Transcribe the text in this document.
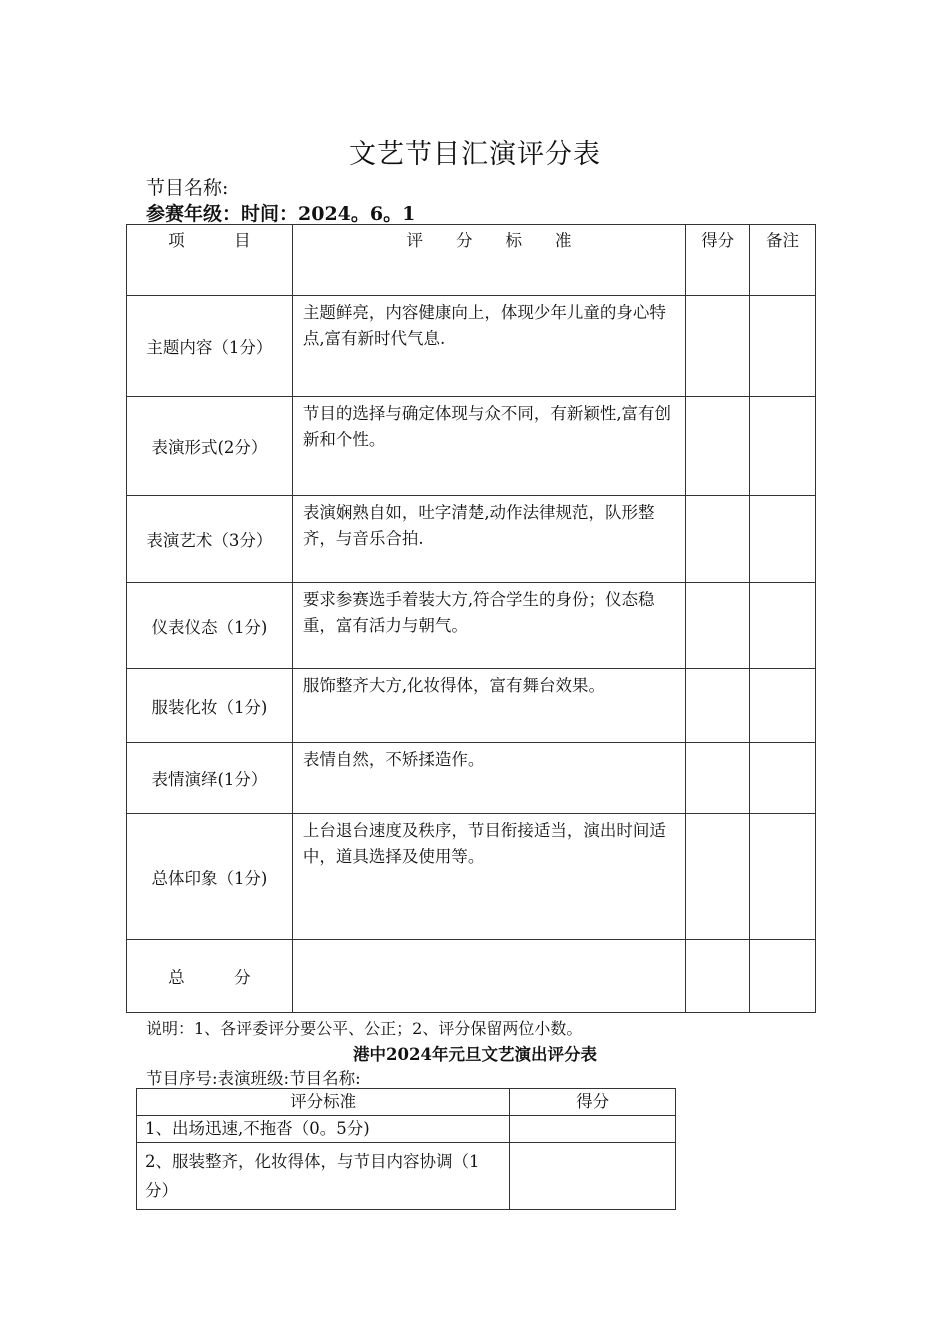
文艺节目汇演评分表
节目名称:
参赛年级：时间：2024。6。1
项　　　目	评　　分　　标　　准	得分	备注
主题内容（1分）	主题鲜亮，内容健康向上，体现少年儿童的身心特点,富有新时代气息.		
表演形式(2分）	节目的选择与确定体现与众不同，有新颖性,富有创新和个性。		
表演艺术（3分）	表演娴熟自如，吐字清楚,动作法律规范，队形整齐，与音乐合拍.		
仪表仪态（1分)	要求参赛选手着装大方,符合学生的身份；仪态稳重，富有活力与朝气。		
服装化妆（1分)	服饰整齐大方,化妆得体，富有舞台效果。		
表情演绎(1分）	表情自然，不矫揉造作。		
总体印象（1分)	上台退台速度及秩序，节目衔接适当，演出时间适中，道具选择及使用等。		
总　　　分			
说明：1、各评委评分要公平、公正；2、评分保留两位小数。
港中2024年元旦文艺演出评分表
节目序号:表演班级:节目名称:
评分标准	得分
1、出场迅速,不拖沓（0。5分)	
2、服装整齐，化妆得体，与节目内容协调（1分）	
